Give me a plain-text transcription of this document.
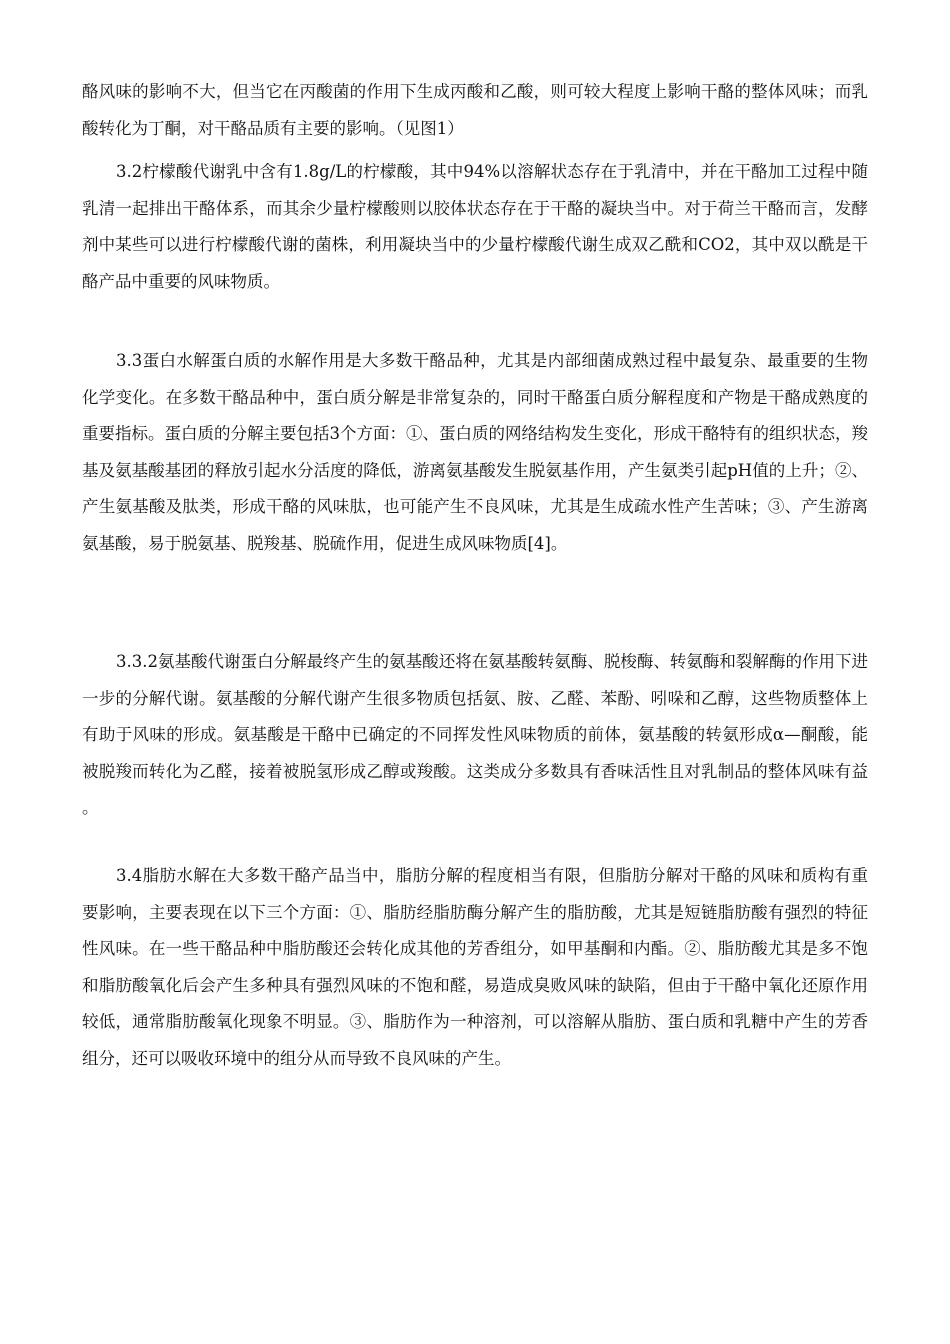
酪风味的影响不大，但当它在丙酸菌的作用下生成丙酸和乙酸，则可较大程度上影响干酪的整体风味；而乳酸转化为丁酮，对干酪品质有主要的影响。（见图1）

3.2柠檬酸代谢乳中含有1.8g/L的柠檬酸，其中94%以溶解状态存在于乳清中，并在干酪加工过程中随乳清一起排出干酪体系，而其余少量柠檬酸则以胶体状态存在于干酪的凝块当中。对于荷兰干酪而言，发酵剂中某些可以进行柠檬酸代谢的菌株，利用凝块当中的少量柠檬酸代谢生成双乙酰和CO2，其中双以酰是干酪产品中重要的风味物质。

3.3蛋白水解蛋白质的水解作用是大多数干酪品种，尤其是内部细菌成熟过程中最复杂、最重要的生物化学变化。在多数干酪品种中，蛋白质分解是非常复杂的，同时干酪蛋白质分解程度和产物是干酪成熟度的重要指标。蛋白质的分解主要包括3个方面：①、蛋白质的网络结构发生变化，形成干酪特有的组织状态，羧基及氨基酸基团的释放引起水分活度的降低，游离氨基酸发生脱氨基作用，产生氨类引起pH值的上升；②、产生氨基酸及肽类，形成干酪的风味肽，也可能产生不良风味，尤其是生成疏水性产生苦味；③、产生游离氨基酸，易于脱氨基、脱羧基、脱硫作用，促进生成风味物质[4]。

3.3.2氨基酸代谢蛋白分解最终产生的氨基酸还将在氨基酸转氨酶、脱梭酶、转氨酶和裂解酶的作用下进一步的分解代谢。氨基酸的分解代谢产生很多物质包括氨、胺、乙醛、苯酚、吲哚和乙醇，这些物质整体上有助于风味的形成。氨基酸是干酪中已确定的不同挥发性风味物质的前体，氨基酸的转氨形成α—酮酸，能被脱羧而转化为乙醛，接着被脱氢形成乙醇或羧酸。这类成分多数具有香味活性且对乳制品的整体风味有益。

3.4脂肪水解在大多数干酪产品当中，脂肪分解的程度相当有限，但脂肪分解对干酪的风味和质构有重要影响，主要表现在以下三个方面：①、脂肪经脂肪酶分解产生的脂肪酸，尤其是短链脂肪酸有强烈的特征性风味。在一些干酪品种中脂肪酸还会转化成其他的芳香组分，如甲基酮和内酯。②、脂肪酸尤其是多不饱和脂肪酸氧化后会产生多种具有强烈风味的不饱和醛，易造成臭败风味的缺陷，但由于干酪中氧化还原作用较低，通常脂肪酸氧化现象不明显。③、脂肪作为一种溶剂，可以溶解从脂肪、蛋白质和乳糖中产生的芳香组分，还可以吸收环境中的组分从而导致不良风味的产生。
